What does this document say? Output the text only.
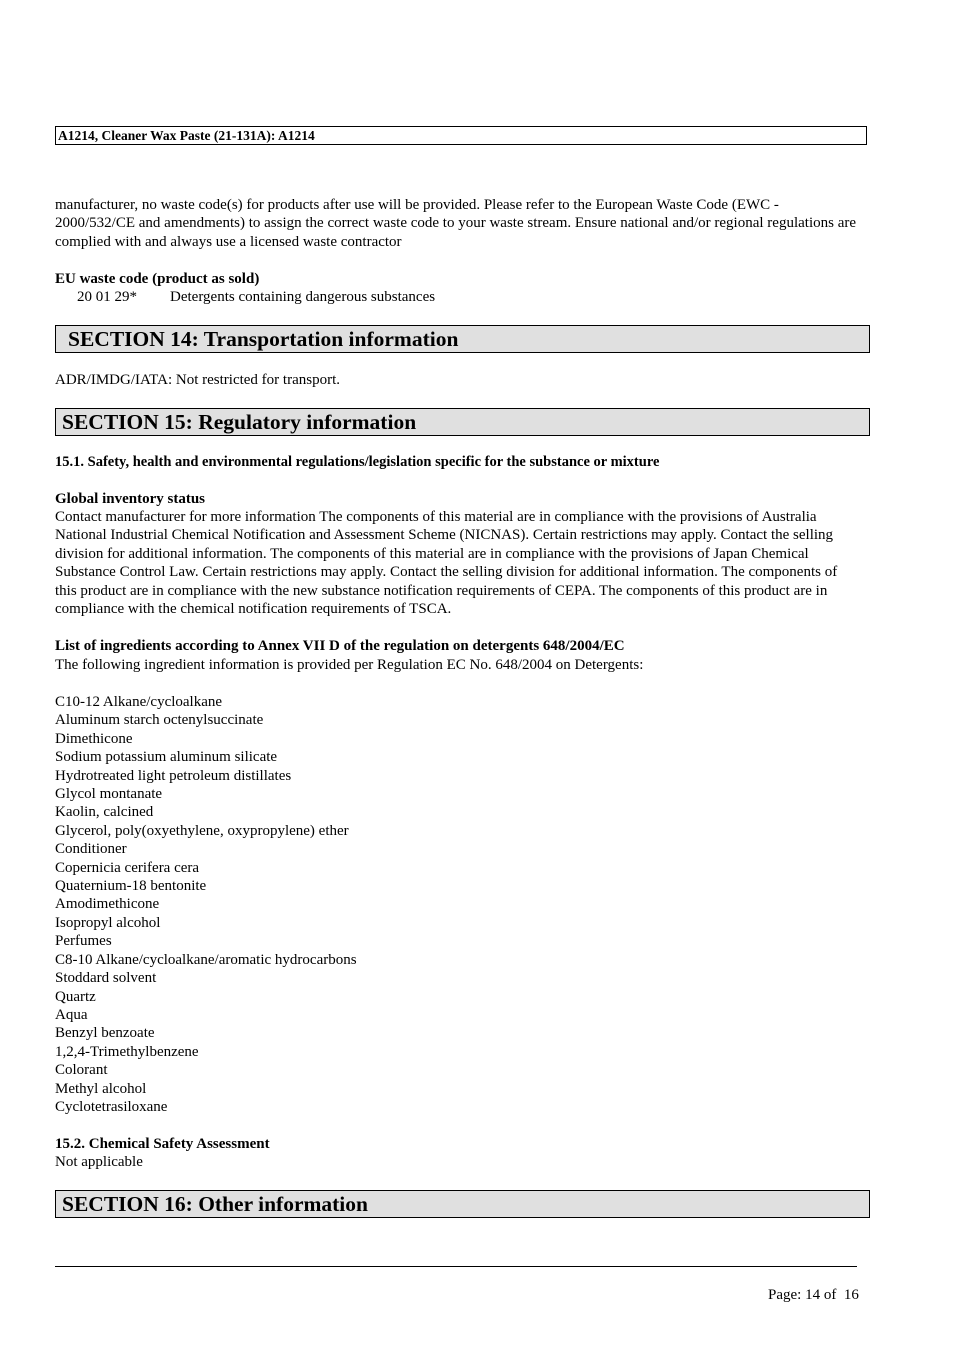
A1214, Cleaner Wax Paste (21-131A): A1214
manufacturer, no waste code(s) for products after use will be provided. Please refer to the European Waste Code (EWC - 2000/532/CE and amendments) to assign the correct waste code to your waste stream. Ensure national and/or regional regulations are complied with and always use a licensed waste contractor
EU waste code (product as sold)
20 01 29* Detergents containing dangerous substances
SECTION 14: Transportation information
ADR/IMDG/IATA: Not restricted for transport.
SECTION 15: Regulatory information
15.1. Safety, health and environmental regulations/legislation specific for the substance or mixture
Global inventory status
Contact manufacturer for more information The components of this material are in compliance with the provisions of Australia National Industrial Chemical Notification and Assessment Scheme (NICNAS). Certain restrictions may apply. Contact the selling division for additional information. The components of this material are in compliance with the provisions of Japan Chemical Substance Control Law. Certain restrictions may apply. Contact the selling division for additional information. The components of this product are in compliance with the new substance notification requirements of CEPA. The components of this product are in compliance with the chemical notification requirements of TSCA.
List of ingredients according to Annex VII D of the regulation on detergents 648/2004/EC
The following ingredient information is provided per Regulation EC No. 648/2004 on Detergents:
C10-12 Alkane/cycloalkane
Aluminum starch octenylsuccinate
Dimethicone
Sodium potassium aluminum silicate
Hydrotreated light petroleum distillates
Glycol montanate
Kaolin, calcined
Glycerol, poly(oxyethylene, oxypropylene) ether
Conditioner
Copernicia cerifera cera
Quaternium-18 bentonite
Amodimethicone
Isopropyl alcohol
Perfumes
C8-10 Alkane/cycloalkane/aromatic hydrocarbons
Stoddard solvent
Quartz
Aqua
Benzyl benzoate
1,2,4-Trimethylbenzene
Colorant
Methyl alcohol
Cyclotetrasiloxane
15.2. Chemical Safety Assessment
Not applicable
SECTION 16: Other information
Page: 14 of  16
